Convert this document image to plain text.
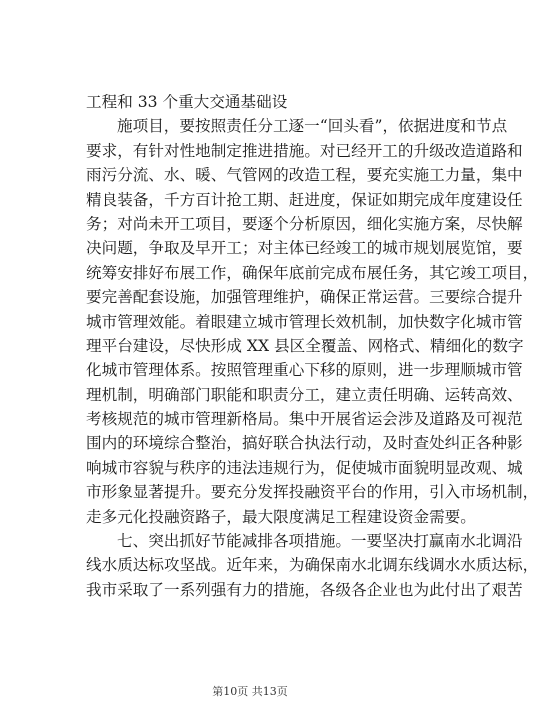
工程和 33 个重大交通基础设
施项目，要按照责任分工逐一“回头看”，依据进度和节点
要求，有针对性地制定推进措施。对已经开工的升级改造道路和
雨污分流、水、暖、气管网的改造工程，要充实施工力量，集中
精良装备，千方百计抢工期、赶进度，保证如期完成年度建设任
务；对尚未开工项目，要逐个分析原因，细化实施方案，尽快解
决问题，争取及早开工；对主体已经竣工的城市规划展览馆，要
统筹安排好布展工作，确保年底前完成布展任务，其它竣工项目，
要完善配套设施，加强管理维护，确保正常运营。三要综合提升
城市管理效能。着眼建立城市管理长效机制，加快数字化城市管
理平台建设，尽快形成 XX 县区全覆盖、网格式、精细化的数字
化城市管理体系。按照管理重心下移的原则，进一步理顺城市管
理机制，明确部门职能和职责分工，建立责任明确、运转高效、
考核规范的城市管理新格局。集中开展省运会涉及道路及可视范
围内的环境综合整治，搞好联合执法行动，及时查处纠正各种影
响城市容貌与秩序的违法违规行为，促使城市面貌明显改观、城
市形象显著提升。要充分发挥投融资平台的作用，引入市场机制，
走多元化投融资路子，最大限度满足工程建设资金需要。
七、突出抓好节能减排各项措施。一要坚决打赢南水北调沿
线水质达标攻坚战。近年来，为确保南水北调东线调水水质达标，
我市采取了一系列强有力的措施，各级各企业也为此付出了艰苦
第10页 共13页
